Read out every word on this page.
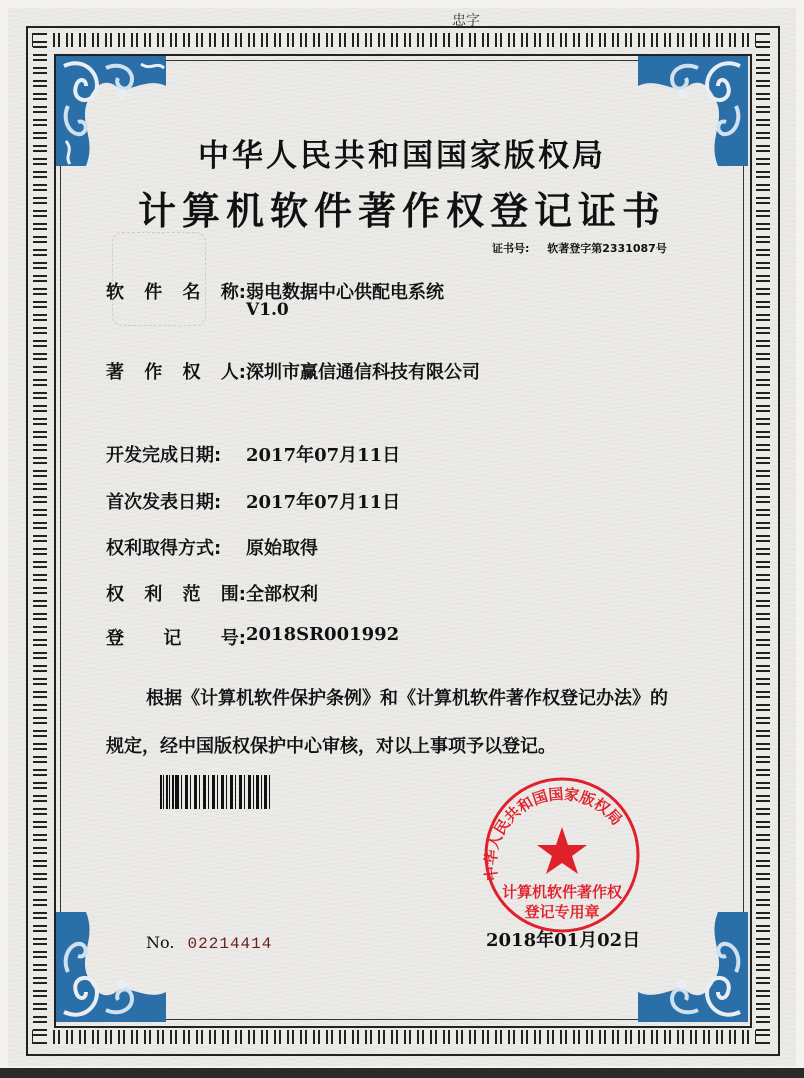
忠字
中华人民共和国国家版权局
计算机软件著作权登记证书
证书号: 软著登字第2331087号
软 件 名 称: 弱电数据中心供配电系统
V1.0
著 作 权 人: 深圳市赢信通信科技有限公司
开发完成日期:	2017年07月11日
首次发表日期:	2017年07月11日
权利取得方式:	原始取得
权 利 范 围: 全部权利
登 记 号: 2018SR001992
根据《计算机软件保护条例》和《计算机软件著作权登记办法》的
规定，经中国版权保护中心审核，对以上事项予以登记。
No. 02214414
中华人民共和国国家版权局
计算机软件著作权
登记专用章
2018年01月02日
